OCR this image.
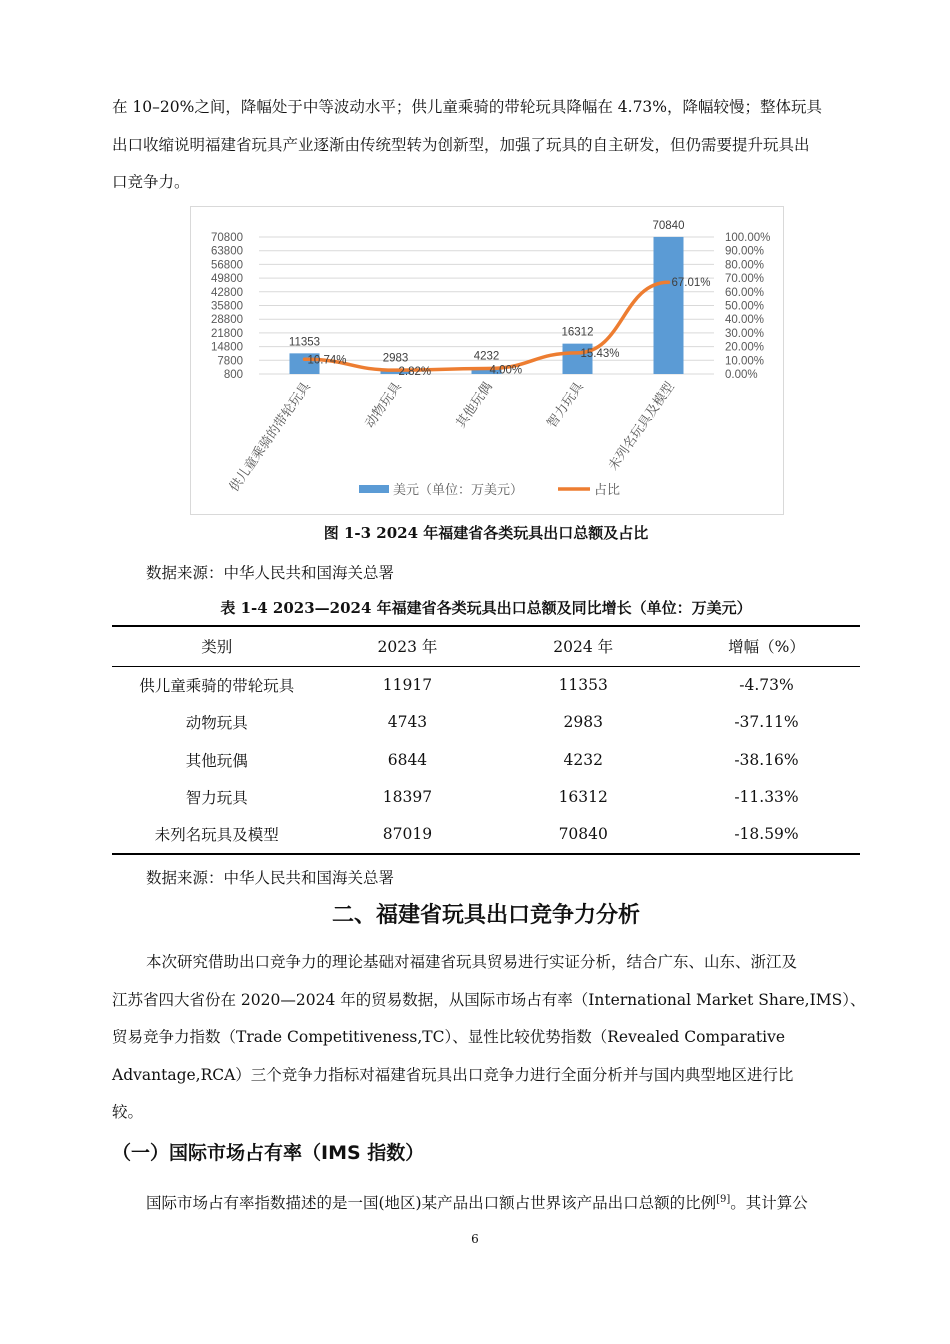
在 10–20%之间，降幅处于中等波动水平；供儿童乘骑的带轮玩具降幅在 4.73%，降幅较慢；整体玩具
出口收缩说明福建省玩具产业逐渐由传统型转为创新型，加强了玩具的自主研发，但仍需要提升玩具出
口竞争力。
70800	100.00%
63800	90.00%
56800	80.00%
49800	70.00%
42800	60.00%
35800	50.00%
28800	40.00%
21800	30.00%
14800	20.00%
7800	10.00%
800	0.00%
11353
2983	4232
16312
70840
10.74%
2.82%	4.00%
15.43%
67.01%
供儿童乘骑的带轮玩具	动物玩具	其他玩偶	智力玩具 未列名玩具及模型
美元（单位：万美元）	占比

图 1-3 2024 年福建省各类玩具出口总额及占比

数据来源：中华人民共和国海关总署

表 1-4 2023—2024 年福建省各类玩具出口总额及同比增长（单位：万美元）

类别	2023 年	2024 年	增幅（%）
供儿童乘骑的带轮玩具	11917	11353	-4.73%
动物玩具	4743	2983	-37.11%
其他玩偶	6844	4232	-38.16%
智力玩具	18397	16312	-11.33%
未列名玩具及模型	87019	70840	-18.59%

数据来源：中华人民共和国海关总署

二、福建省玩具出口竞争力分析
本次研究借助出口竞争力的理论基础对福建省玩具贸易进行实证分析，结合广东、山东、浙江及
江苏省四大省份在 2020—2024 年的贸易数据，从国际市场占有率（International Market Share,IMS）、
贸易竞争力指数（Trade Competitiveness,TC）、显性比较优势指数（Revealed Comparative
Advantage,RCA）三个竞争力指标对福建省玩具出口竞争力进行全面分析并与国内典型地区进行比
较。
（一）国际市场占有率（IMS 指数）
国际市场占有率指数描述的是一国(地区)某产品出口额占世界该产品出口总额的比例[9]。其计算公
6
